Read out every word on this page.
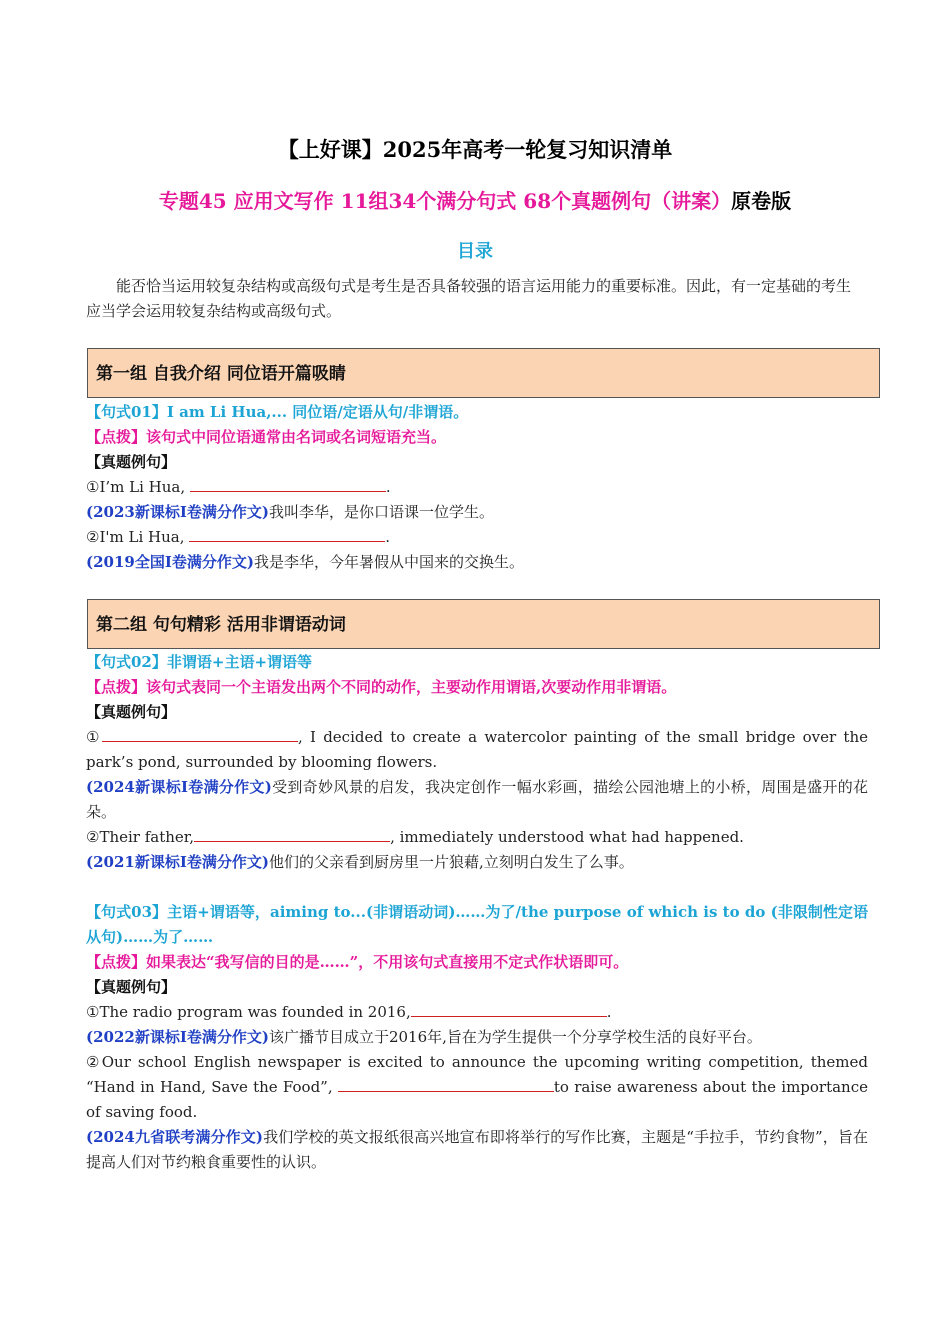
【上好课】2025年高考一轮复习知识清单
专题45 应用文写作 11组34个满分句式 68个真题例句（讲案）原卷版
目录
能否恰当运用较复杂结构或高级句式是考生是否具备较强的语言运用能力的重要标准。因此，有一定基础的考生应当学会运用较复杂结构或高级句式。
第一组 自我介绍 同位语开篇吸睛
【句式01】I am Li Hua,... 同位语/定语从句/非谓语。
【点拨】该句式中同位语通常由名词或名词短语充当。
【真题例句】
①I’m Li Hua,	.
(2023新课标I卷满分作文)我叫李华，是你口语课一位学生。
②I'm Li Hua,	.
(2019全国I卷满分作文)我是李华，今年暑假从中国来的交换生。
第二组 句句精彩 活用非谓语动词
【句式02】非谓语+主语+谓语等
【点拨】该句式表同一个主语发出两个不同的动作，主要动作用谓语,次要动作用非谓语。
【真题例句】
①	, I decided to create a watercolor painting of the small bridge over the park’s pond, surrounded by blooming flowers.
(2024新课标I卷满分作文)受到奇妙风景的启发，我决定创作一幅水彩画，描绘公园池塘上的小桥，周围是盛开的花朵。
②Their father,	, immediately understood what had happened.
(2021新课标I卷满分作文)他们的父亲看到厨房里一片狼藉,立刻明白发生了么事。
【句式03】主语+谓语等，aiming to...(非谓语动词)……为了/the purpose of which is to do (非限制性定语从句)……为了……
【点拨】如果表达“我写信的目的是……”，不用该句式直接用不定式作状语即可。
【真题例句】
①The radio program was founded in 2016,	.
(2022新课标I卷满分作文)该广播节目成立于2016年,旨在为学生提供一个分享学校生活的良好平台。
②Our school English newspaper is excited to announce the upcoming writing competition, themed “Hand in Hand, Save the Food”,	to raise awareness about the importance of saving food.
(2024九省联考满分作文)我们学校的英文报纸很高兴地宣布即将举行的写作比赛，主题是“手拉手，节约食物”，旨在提高人们对节约粮食重要性的认识。
